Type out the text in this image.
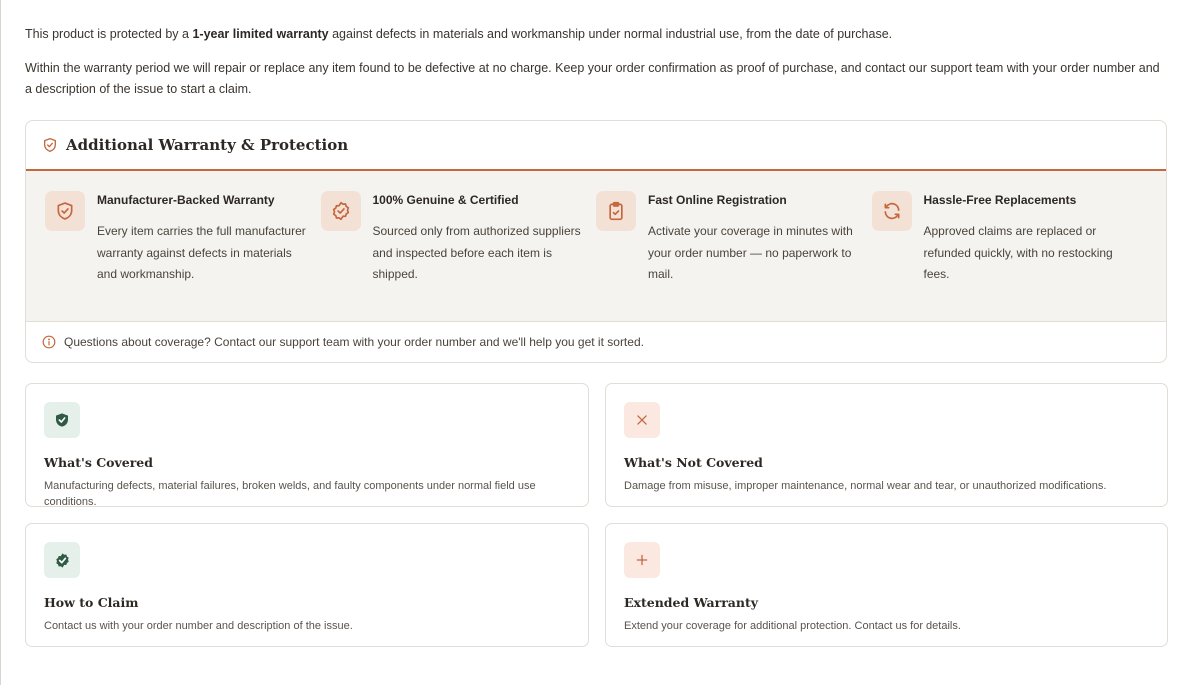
This product is protected by a 1-year limited warranty against defects in materials and workmanship under normal industrial use, from the date of purchase.

Within the warranty period we will repair or replace any item found to be defective at no charge. Keep your order confirmation as proof of purchase, and contact our support team with your order number and a description of the issue to start a claim.

Additional Warranty & Protection
Manufacturer-Backed Warranty
Every item carries the full manufacturer warranty against defects in materials and workmanship.
100% Genuine & Certified
Sourced only from authorized suppliers and inspected before each item is shipped.
Fast Online Registration
Activate your coverage in minutes with your order number — no paperwork to mail.
Hassle-Free Replacements
Approved claims are replaced or refunded quickly, with no restocking fees.
Questions about coverage? Contact our support team with your order number and we'll help you get it sorted.
What's Covered
Manufacturing defects, material failures, broken welds, and faulty components under normal field use conditions.
What's Not Covered
Damage from misuse, improper maintenance, normal wear and tear, or unauthorized modifications.
How to Claim
Contact us with your order number and description of the issue.
Extended Warranty
Extend your coverage for additional protection. Contact us for details.
